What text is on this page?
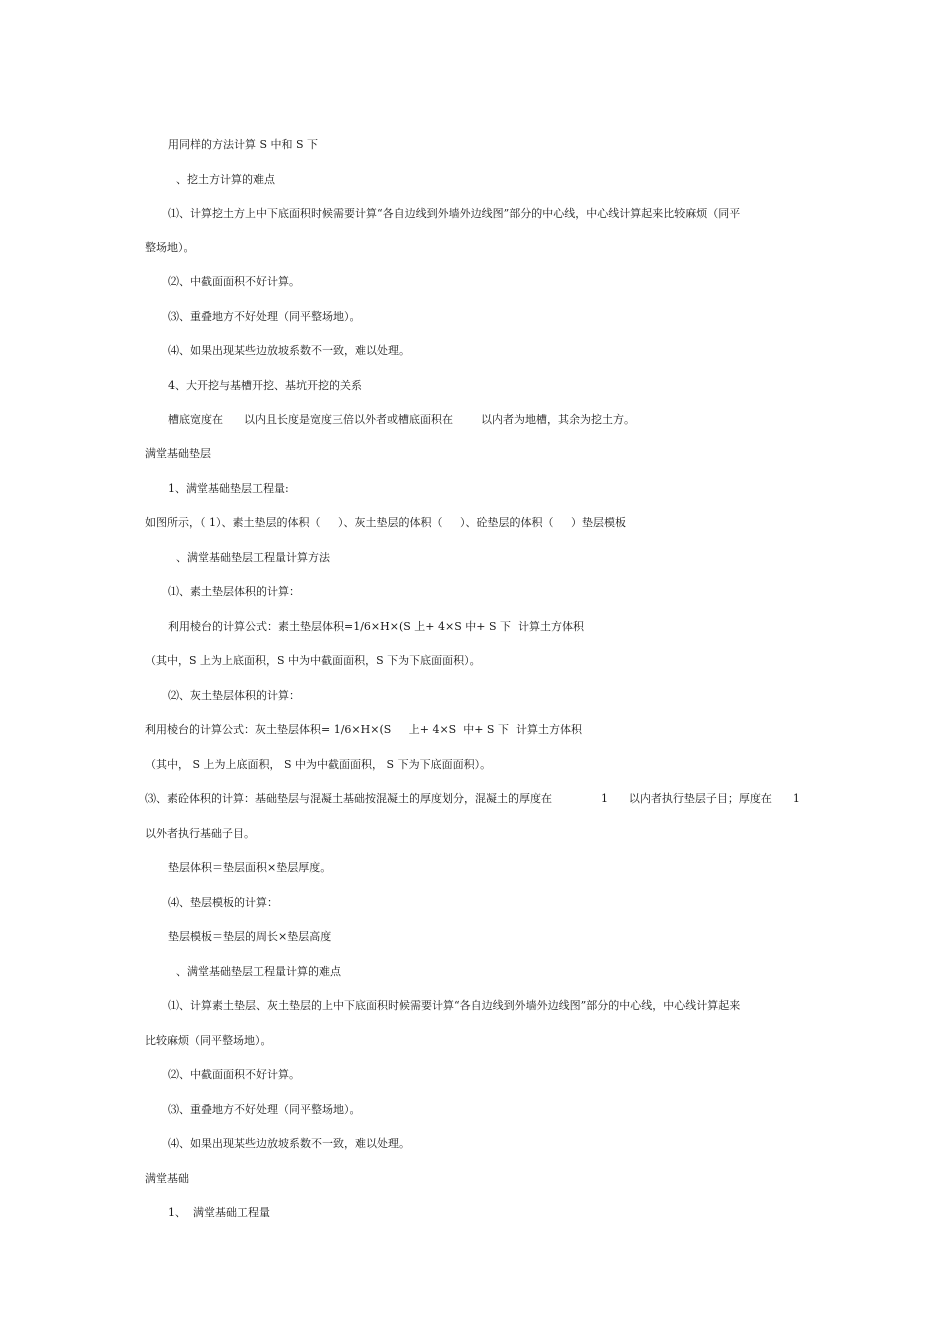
用同样的方法计算 S 中和 S 下

、挖土方计算的难点

⑴、计算挖土方上中下底面积时候需要计算“各自边线到外墙外边线图”部分的中心线，中心线计算起来比较麻烦（同平

整场地）。

⑵、中截面面积不好计算。

⑶、重叠地方不好处理（同平整场地）。

⑷、如果出现某些边放坡系数不一致，难以处理。

4、大开挖与基槽开挖、基坑开挖的关系

槽底宽度在      以内且长度是宽度三倍以外者或槽底面积在        以内者为地槽，其余为挖土方。

满堂基础垫层

1、满堂基础垫层工程量:

如图所示，（ 1）、素土垫层的体积（     ）、灰土垫层的体积（     ）、砼垫层的体积（     ）垫层模板

、满堂基础垫层工程量计算方法

⑴、素土垫层体积的计算：

利用棱台的计算公式：素土垫层体积=1/6×H×(S 上+ 4×S 中+ S 下  计算土方体积

（其中，S 上为上底面积，S 中为中截面面积，S 下为下底面面积）。

⑵、灰土垫层体积的计算：

利用棱台的计算公式：灰土垫层体积= 1/6×H×(S     上+ 4×S  中+ S 下  计算土方体积

（其中， S 上为上底面积， S 中为中截面面积， S 下为下底面面积）。

⑶、素砼体积的计算：基础垫层与混凝土基础按混凝土的厚度划分，混凝土的厚度在              1      以内者执行垫层子目；厚度在      1

以外者执行基础子目。

垫层体积＝垫层面积×垫层厚度。

⑷、垫层模板的计算：

垫层模板＝垫层的周长×垫层高度

、满堂基础垫层工程量计算的难点

⑴、计算素土垫层、灰土垫层的上中下底面积时候需要计算“各自边线到外墙外边线图”部分的中心线，中心线计算起来

比较麻烦（同平整场地）。

⑵、中截面面积不好计算。

⑶、重叠地方不好处理（同平整场地）。

⑷、如果出现某些边放坡系数不一致，难以处理。

满堂基础

1、  满堂基础工程量
